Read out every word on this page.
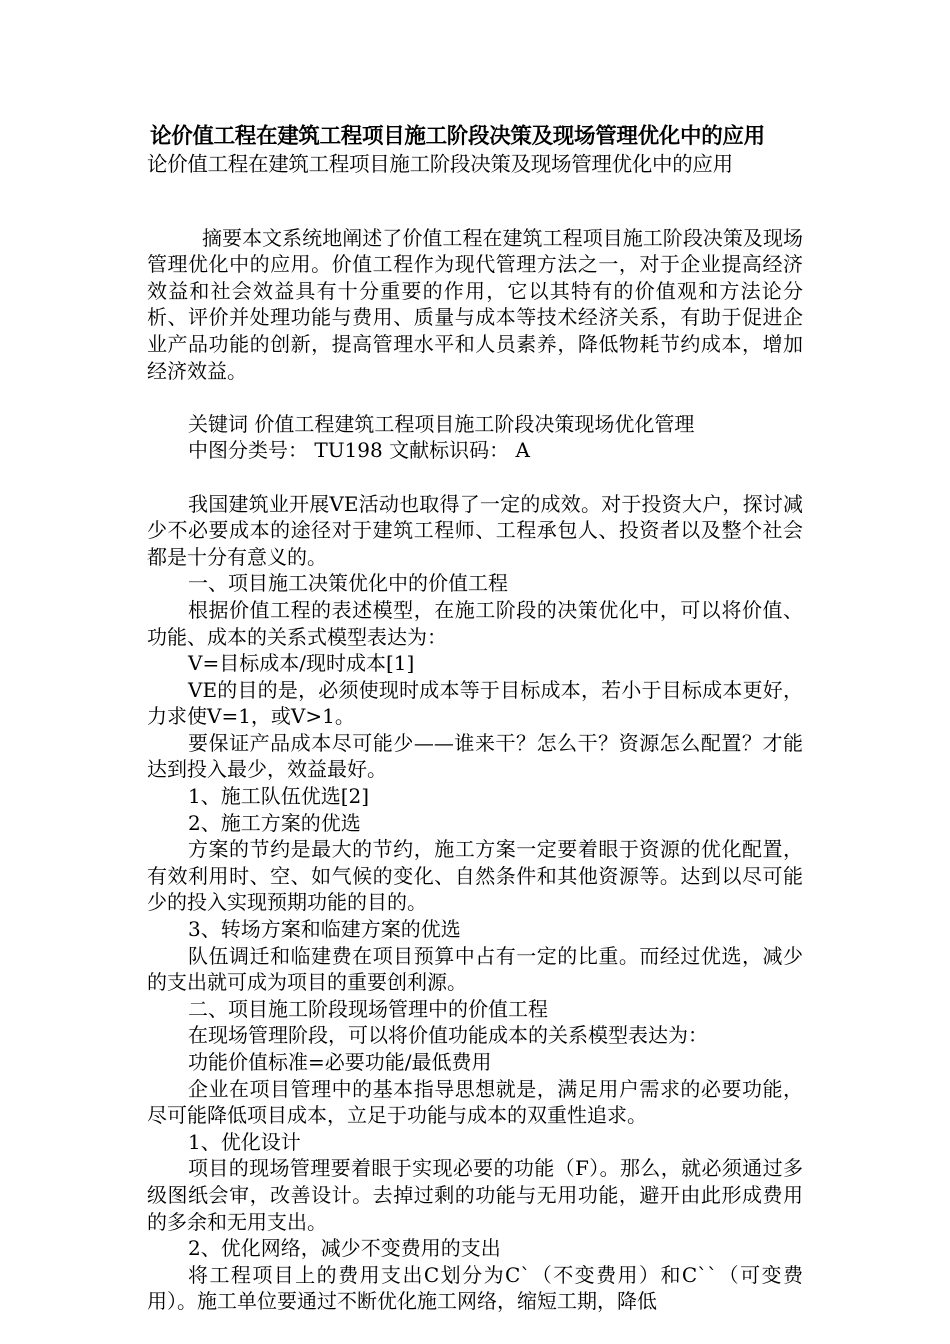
论价值工程在建筑工程项目施工阶段决策及现场管理优化中的应用
论价值工程在建筑工程项目施工阶段决策及现场管理优化中的应用

摘要本文系统地阐述了价值工程在建筑工程项目施工阶段决策及现场管理优化中的应用。价值工程作为现代管理方法之一，对于企业提高经济效益和社会效益具有十分重要的作用，它以其特有的价值观和方法论分析、评价并处理功能与费用、质量与成本等技术经济关系，有助于促进企业产品功能的创新，提高管理水平和人员素养，降低物耗节约成本，增加经济效益。

关键词 价值工程建筑工程项目施工阶段决策现场优化管理

中图分类号： TU198 文献标识码： A

我国建筑业开展VE活动也取得了一定的成效。对于投资大户，探讨减少不必要成本的途径对于建筑工程师、工程承包人、投资者以及整个社会都是十分有意义的。

一、项目施工决策优化中的价值工程

根据价值工程的表述模型，在施工阶段的决策优化中，可以将价值、功能、成本的关系式模型表达为：

V=目标成本/现时成本[1]

VE的目的是，必须使现时成本等于目标成本，若小于目标成本更好，力求使V=1，或V>1。

要保证产品成本尽可能少——谁来干？怎么干？资源怎么配置？才能达到投入最少，效益最好。

1、施工队伍优选[2]

2、施工方案的优选

方案的节约是最大的节约，施工方案一定要着眼于资源的优化配置，有效利用时、空、如气候的变化、自然条件和其他资源等。达到以尽可能少的投入实现预期功能的目的。

3、转场方案和临建方案的优选

队伍调迁和临建费在项目预算中占有一定的比重。而经过优选，减少的支出就可成为项目的重要创利源。

二、项目施工阶段现场管理中的价值工程

在现场管理阶段，可以将价值功能成本的关系模型表达为：

功能价值标准=必要功能/最低费用

企业在项目管理中的基本指导思想就是，满足用户需求的必要功能，尽可能降低项目成本，立足于功能与成本的双重性追求。

1、优化设计

项目的现场管理要着眼于实现必要的功能（F）。那么，就必须通过多级图纸会审，改善设计。去掉过剩的功能与无用功能，避开由此形成费用的多余和无用支出。

2、优化网络，减少不变费用的支出

将工程项目上的费用支出C划分为C`（不变费用）和C``（可变费用）。施工单位要通过不断优化施工网络，缩短工期，降低
